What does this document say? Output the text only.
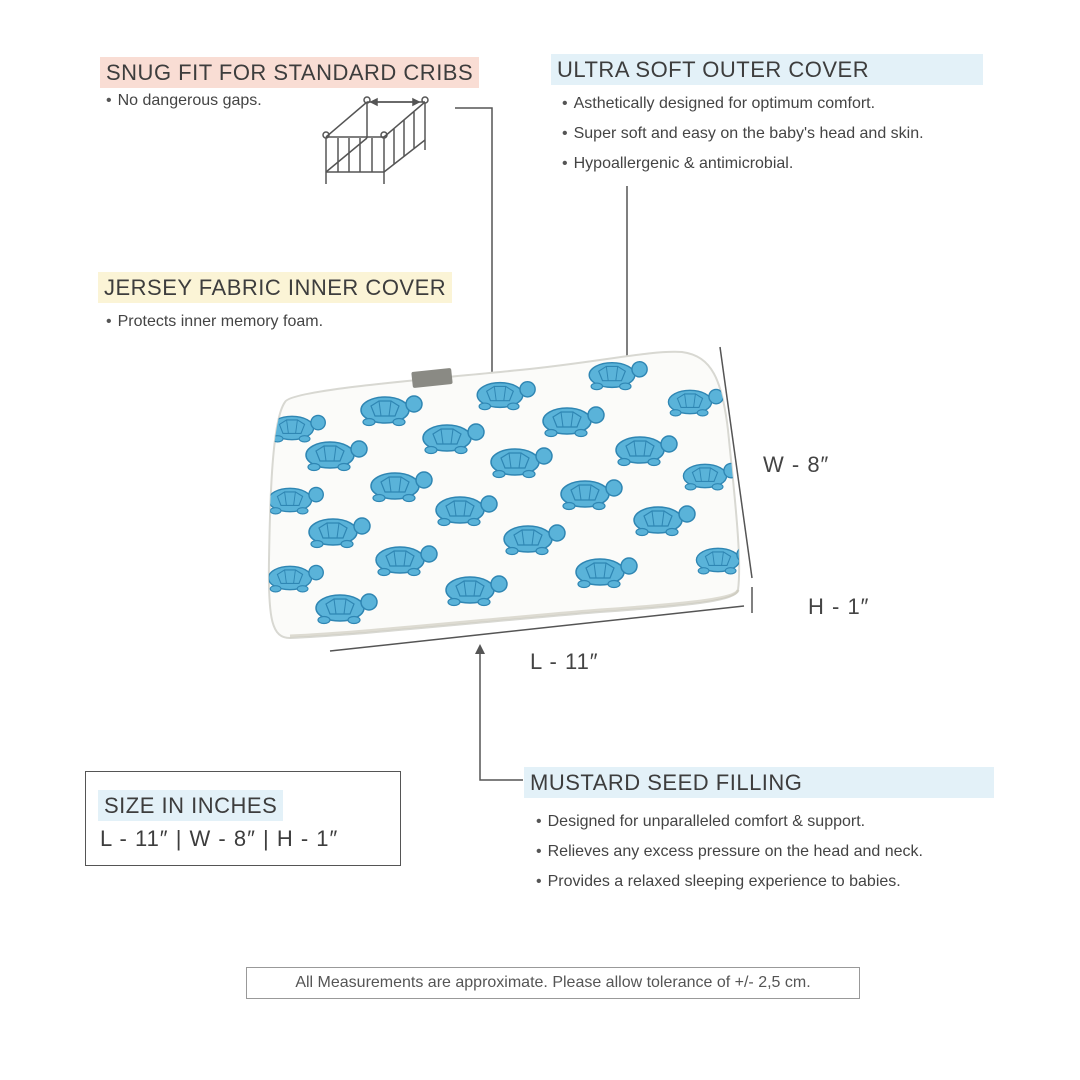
SNUG FIT FOR STANDARD CRIBS
• No dangerous gaps.
ULTRA SOFT OUTER COVER
• Asthetically designed for optimum comfort.
• Super soft and easy on the baby's head and skin.
• Hypoallergenic & antimicrobial.
JERSEY FABRIC INNER COVER
• Protects inner memory foam.
W - 8″
H - 1″
L - 11″
MUSTARD SEED FILLING
• Designed for unparalleled comfort & support.
• Relieves any excess pressure on the head and neck.
• Provides a relaxed sleeping experience to babies.
SIZE IN INCHES
L - 11″ | W - 8″ | H - 1″
All Measurements are approximate. Please allow tolerance of +/- 2,5 cm.
